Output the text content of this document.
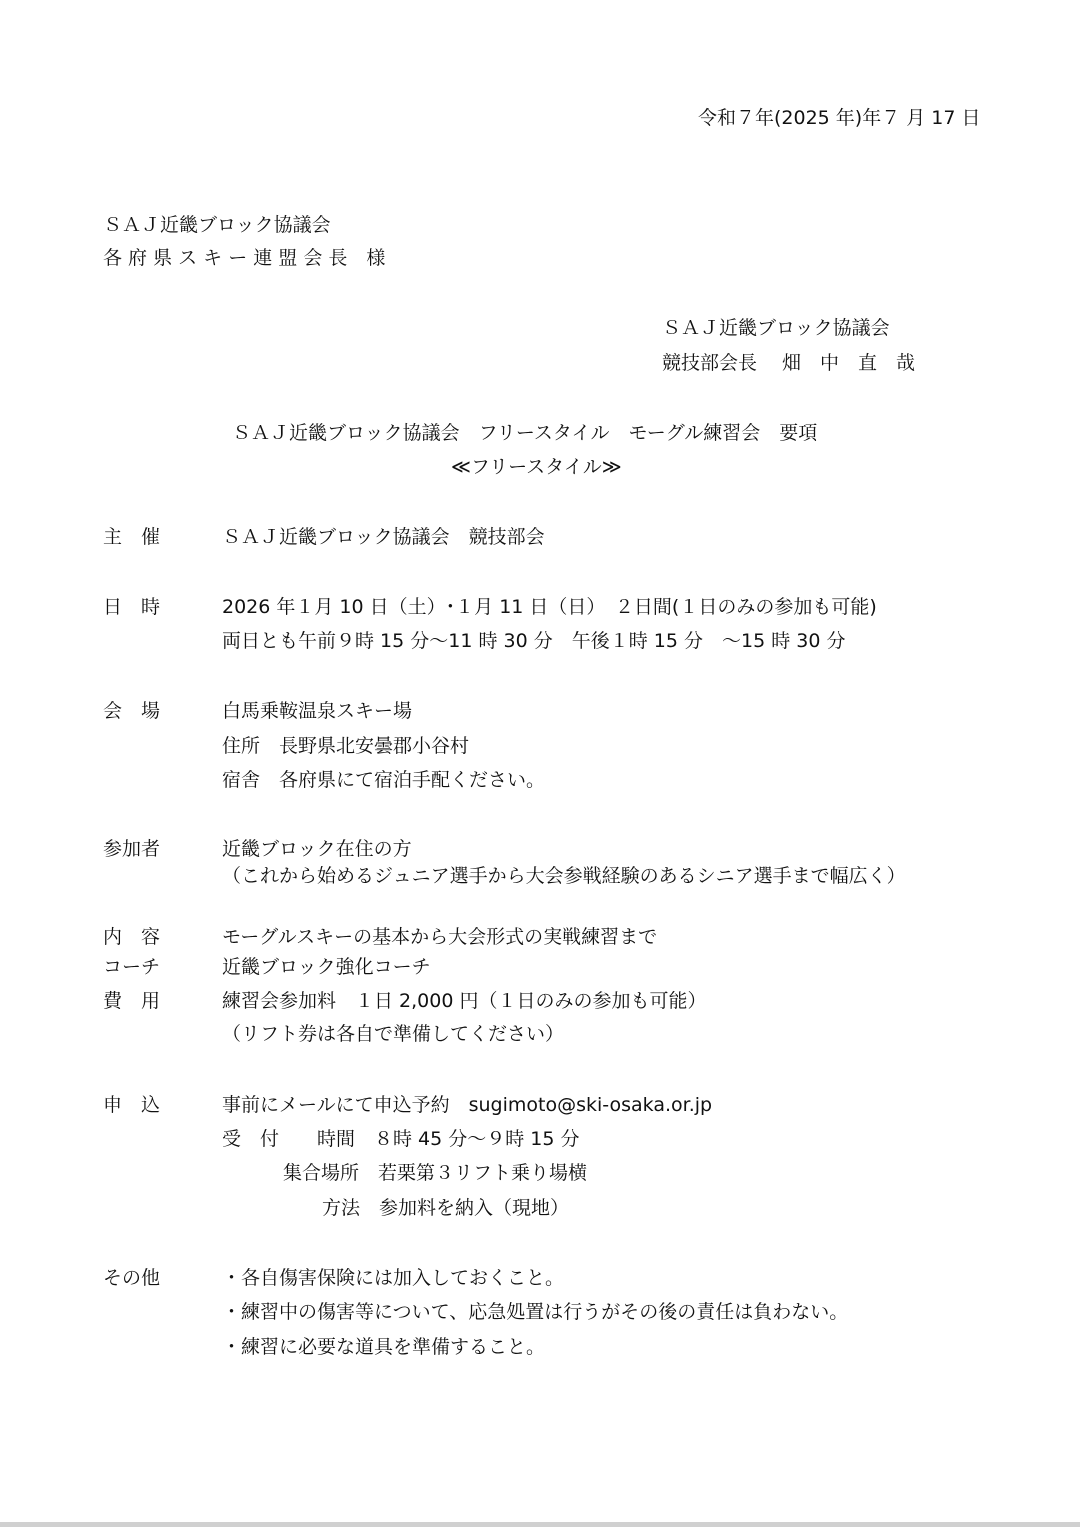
令和７年(2025 年)年７ 月 17 日
ＳＡＪ近畿ブロック協議会
各 府 県 ス キ ー 連 盟 会 長　様
ＳＡＪ近畿ブロック協議会
競技部会長　 畑　中　直　哉
ＳＡＪ近畿ブロック協議会　フリースタイル　モーグル練習会　要項
≪フリースタイル≫
主　催	ＳＡＪ近畿ブロック協議会　競技部会
日　時	2026 年１月 10 日（土）･１月 11 日（日）　２日間(１日のみの参加も可能)
両日とも午前９時 15 分～11 時 30 分　午後１時 15 分　～15 時 30 分
会　場	白馬乗鞍温泉スキー場
住所　長野県北安曇郡小谷村
宿舎　各府県にて宿泊手配ください。
参加者	近畿ブロック在住の方
（これから始めるジュニア選手から大会参戦経験のあるシニア選手まで幅広く）
内　容	モーグルスキーの基本から大会形式の実戦練習まで
コーチ	近畿ブロック強化コーチ
費　用	練習会参加料　１日 2,000 円（１日のみの参加も可能）
（リフト券は各自で準備してください）
申　込	事前にメールにて申込予約　sugimoto@ski-osaka.or.jp
受　付　　時間　８時 45 分～９時 15 分
集合場所　若栗第３リフト乗り場横
方法　参加料を納入（現地）
その他	・各自傷害保険には加入しておくこと。
・練習中の傷害等について、応急処置は行うがその後の責任は負わない。
・練習に必要な道具を準備すること。
